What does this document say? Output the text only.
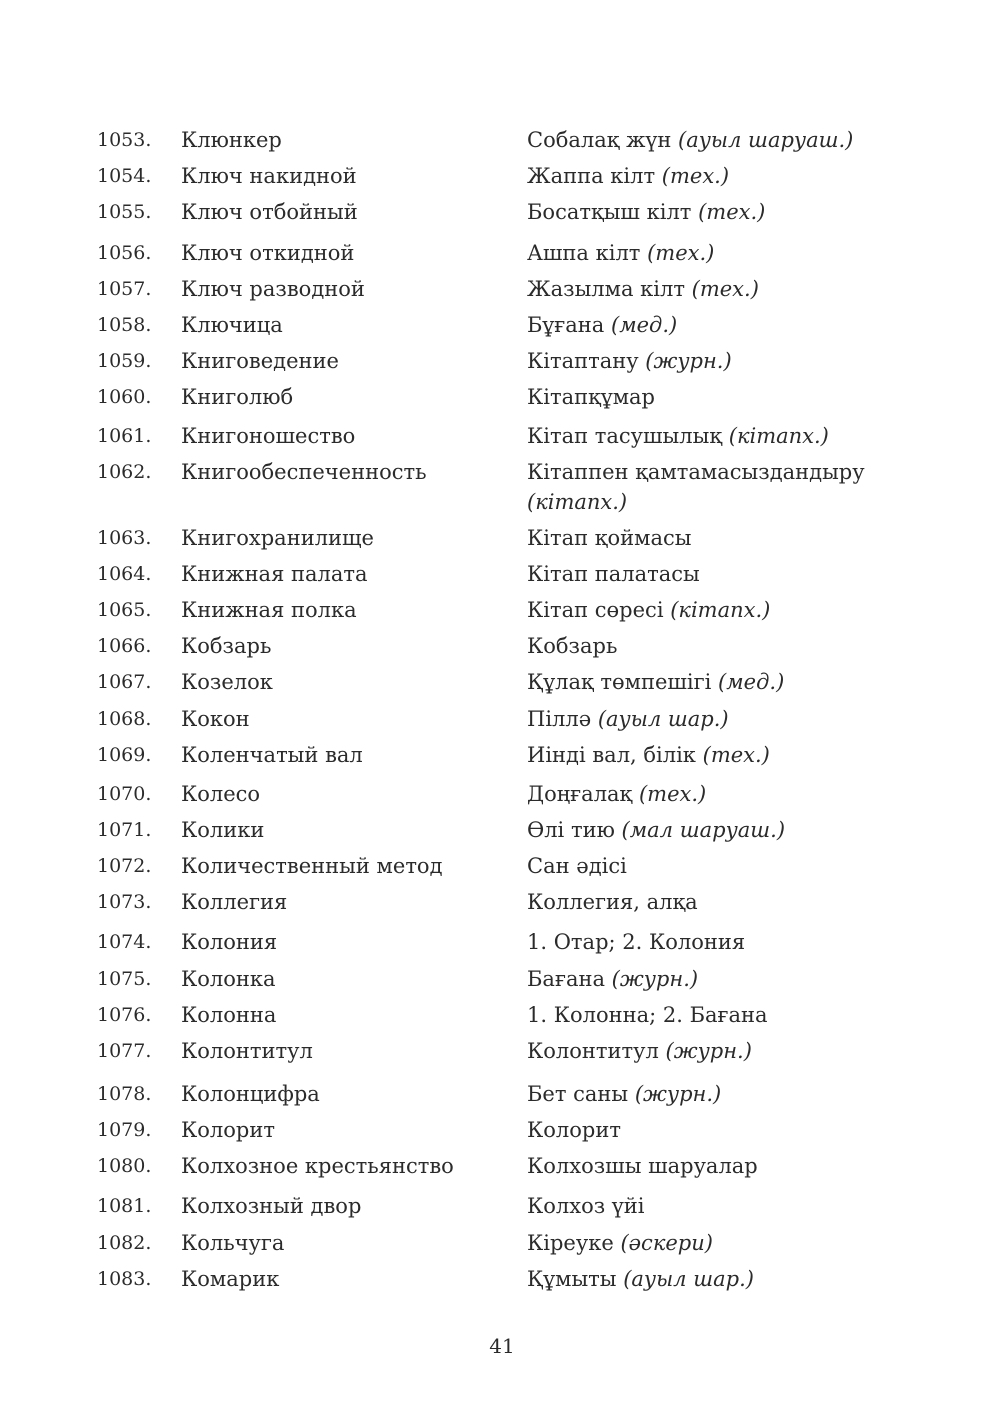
1053.	Клюнкер	Собалақ жүн (ауыл шаруаш.)
1054.	Ключ накидной	Жаппа кілт (тех.)
1055.	Ключ отбойный	Босатқыш кілт (тех.)
1056.	Ключ откидной	Ашпа кілт (тех.)
1057.	Ключ разводной	Жазылма кілт (тех.)
1058.	Ключица	Бұғана (мед.)
1059.	Книговедение	Кітаптану (журн.)
1060.	Книголюб	Кітапқұмар
1061.	Книгоношество	Кітап тасушылық (кітапх.)
1062.	Книгообеспеченность	Кітаппен қамтамасыздандыру (кітапх.)
1063.	Книгохранилище	Кітап қоймасы
1064.	Книжная палата	Кітап палатасы
1065.	Книжная полка	Кітап сөресі (кітапх.)
1066.	Кобзарь	Кобзарь
1067.	Козелок	Құлақ төмпешігі (мед.)
1068.	Кокон	Піллә (ауыл шар.)
1069.	Коленчатый вал	Иінді вал, білік (тех.)
1070.	Колесо	Доңғалақ (тех.)
1071.	Колики	Өлі тию (мал шаруаш.)
1072.	Количественный метод	Сан әдісі
1073.	Коллегия	Коллегия, алқа
1074.	Колония	1. Отар; 2. Колония
1075.	Колонка	Бағана (журн.)
1076.	Колонна	1. Колонна; 2. Бағана
1077.	Колонтитул	Колонтитул (журн.)
1078.	Колонцифра	Бет саны (журн.)
1079.	Колорит	Колорит
1080.	Колхозное крестьянство	Колхозшы шаруалар
1081.	Колхозный двор	Колхоз үйі
1082.	Кольчуга	Кіреуке (әскери)
1083.	Комарик	Құмыты (ауыл шар.)
41
